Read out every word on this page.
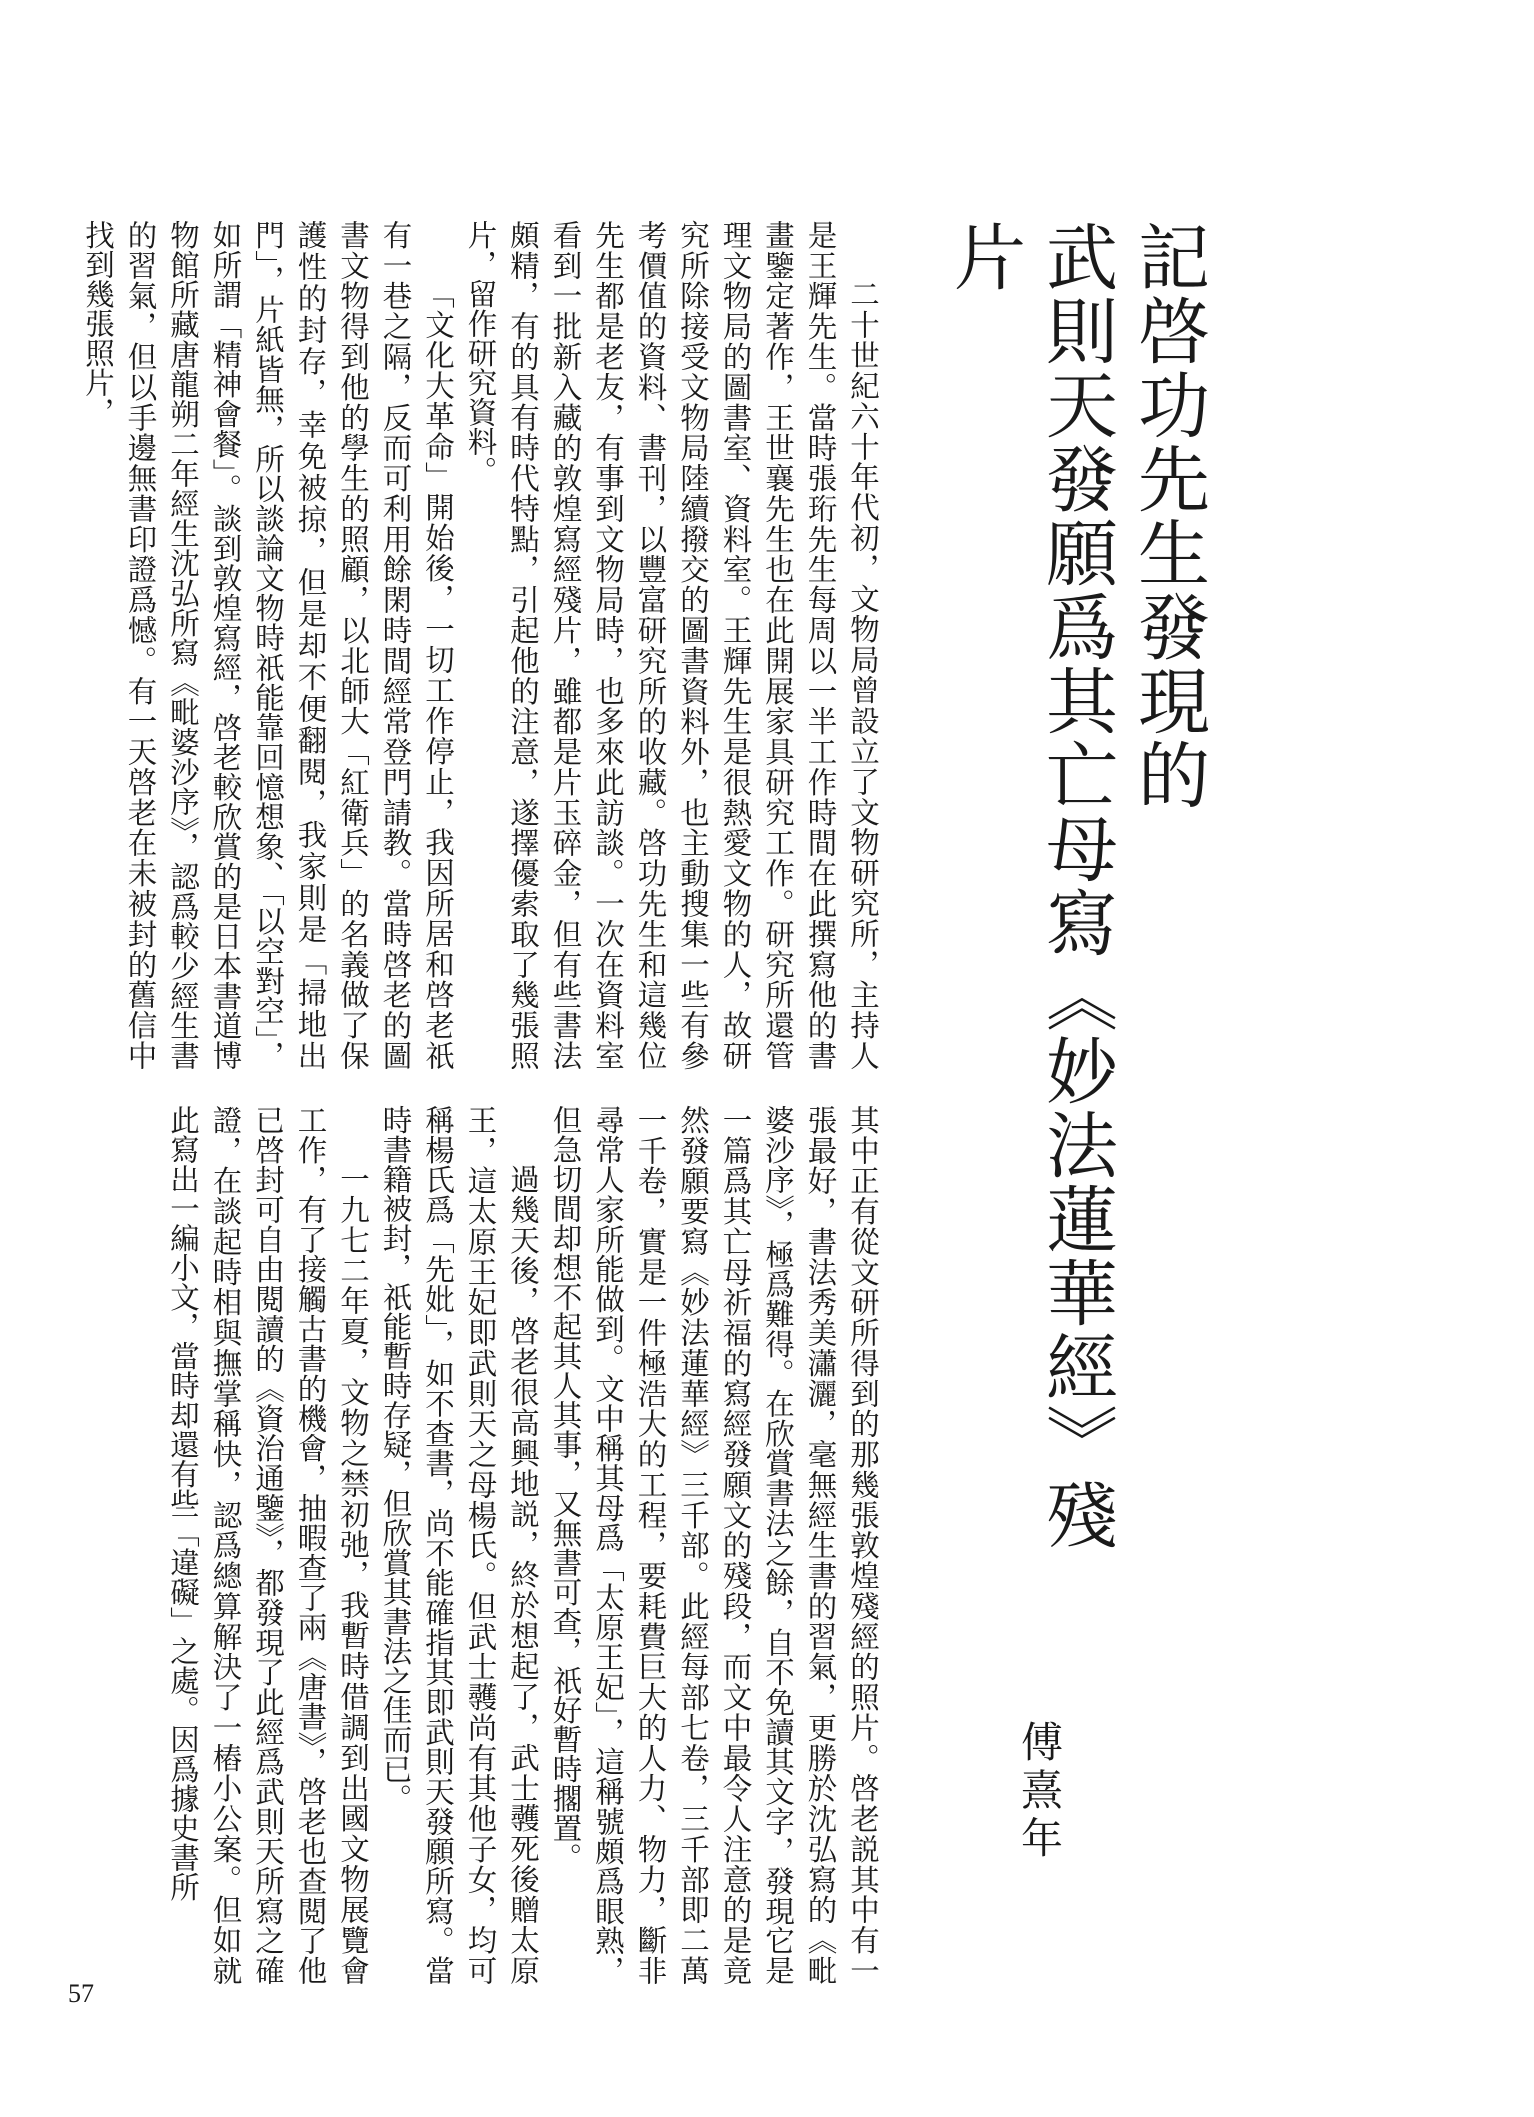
記啓功先生發現的
武則天發願爲其亡母寫《妙法蓮華經》殘片
傅熹年

二十世紀六十年代初，文物局曾設立了文物研究所，主持人是王輝先生。當時張珩先生每周以一半工作時間在此撰寫他的書畫鑒定著作，王世襄先生也在此開展家具研究工作。研究所還管理文物局的圖書室、資料室。王輝先生是很熱愛文物的人，故研究所除接受文物局陸續撥交的圖書資料外，也主動搜集一些有參考價值的資料、書刊，以豐富研究所的收藏。啓功先生和這幾位先生都是老友，有事到文物局時，也多來此訪談。一次在資料室看到一批新入藏的敦煌寫經殘片，雖都是片玉碎金，但有些書法頗精，有的具有時代特點，引起他的注意，遂擇優索取了幾張照片，留作研究資料。

「文化大革命」開始後，一切工作停止，我因所居和啓老祇有一巷之隔，反而可利用餘閑時間經常登門請教。當時啓老的圖書文物得到他的學生的照顧，以北師大「紅衛兵」的名義做了保護性的封存，幸免被掠，但是却不便翻閱，我家則是「掃地出門」，片紙皆無，所以談論文物時祇能靠回憶想象、「以空對空」，如所謂「精神會餐」。談到敦煌寫經，啓老較欣賞的是日本書道博物館所藏唐龍朔二年經生沈弘所寫《毗婆沙序》，認爲較少經生書的習氣，但以手邊無書印證爲憾。有一天啓老在未被封的舊信中找到幾張照片，

其中正有從文研所得到的那幾張敦煌殘經的照片。啓老説其中有一張最好，書法秀美瀟灑，毫無經生書的習氣，更勝於沈弘寫的《毗婆沙序》，極爲難得。在欣賞書法之餘，自不免讀其文字，發現它是一篇爲其亡母祈福的寫經發願文的殘段，而文中最令人注意的是竟然發願要寫《妙法蓮華經》三千部。此經每部七卷，三千部即二萬一千卷，實是一件極浩大的工程，要耗費巨大的人力、物力，斷非尋常人家所能做到。文中稱其母爲「太原王妃」，這稱號頗爲眼熟，但急切間却想不起其人其事，又無書可查，祇好暫時擱置。

過幾天後，啓老很高興地説，終於想起了，武士彠死後贈太原王，這太原王妃即武則天之母楊氏。但武士彠尚有其他子女，均可稱楊氏爲「先妣」，如不查書，尚不能確指其即武則天發願所寫。當時書籍被封，祇能暫時存疑，但欣賞其書法之佳而已。

一九七二年夏，文物之禁初弛，我暫時借調到出國文物展覽會工作，有了接觸古書的機會，抽暇查了兩《唐書》，啓老也查閲了他已啓封可自由閱讀的《資治通鑒》，都發現了此經爲武則天所寫之確證，在談起時相與撫掌稱快，認爲總算解決了一樁小公案。但如就此寫出一編小文，當時却還有些「違礙」之處。因爲據史書所

57
